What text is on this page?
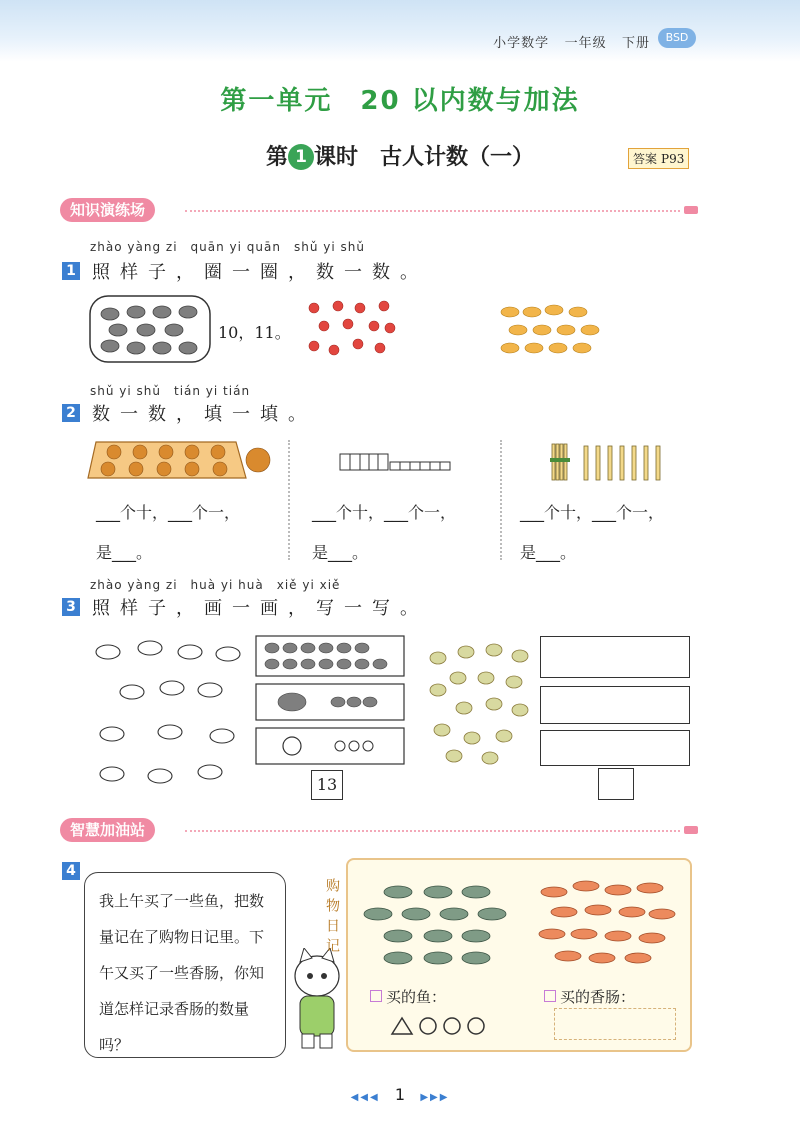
小学数学 一年级 下册	BSD
第一单元　20 以内数与加法
第 1 课时　古人计数（一）	答案 P93
知识演练场
zhào yàng zi　quān yi quān　shǔ yi shǔ
1 照样子，圈一圈，数一数。
10，11。
shǔ yi shǔ　tián yi tián
2 数一数，填一填。
___个十，___个一，
是___。
___个十，___个一，
是___。
___个十，___个一，
是___。
zhào yàng zi　huà yi huà　xiě yi xiě
3 照样子，画一画，写一写。
13
智慧加油站
4
我上午买了一些鱼，把数量记在了购物日记里。下午又买了一些香肠，你知道怎样记录香肠的数量吗？
购物日记
买的鱼：	买的香肠：
◀◀◀ 1 ▶▶▶
